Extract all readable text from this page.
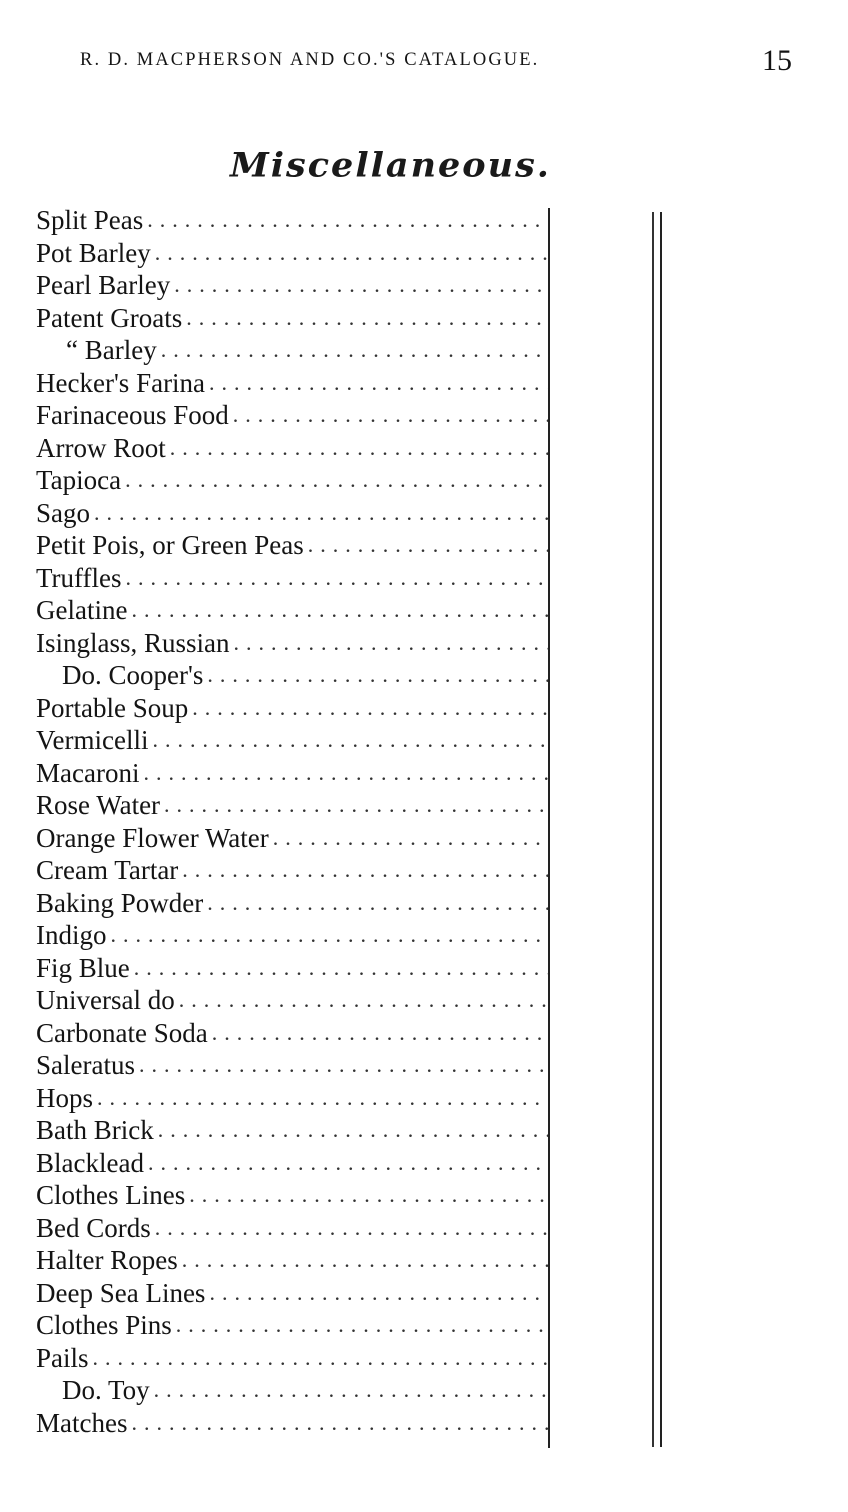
R. D. MACPHERSON AND CO.'S CATALOGUE.	15
Miscellaneous.
Split Peas
.....
Pot Barley
.....
Pearl Barley
.....
Patent Groats
.....
“ Barley
.....
Hecker's Farina
.....
Farinaceous Food
.....
Arrow Root
.....
Tapioca
.....
Sago
.....
Petit Pois, or Green Peas
.....
Truffles
.....
Gelatine
.....
Isinglass, Russian
.....
Do. Cooper's
.....
Portable Soup
.....
Vermicelli
.....
Macaroni
.....
Rose Water
.....
Orange Flower Water
.....
Cream Tartar
.....
Baking Powder
.....
Indigo
.....
Fig Blue
.....
Universal do
.....
Carbonate Soda
.....
Saleratus
.....
Hops
.....
Bath Brick
.....
Blacklead
.....
Clothes Lines
.....
Bed Cords
.....
Halter Ropes
.....
Deep Sea Lines
.....
Clothes Pins
.....
Pails
.....
Do. Toy
.....
Matches
.....
